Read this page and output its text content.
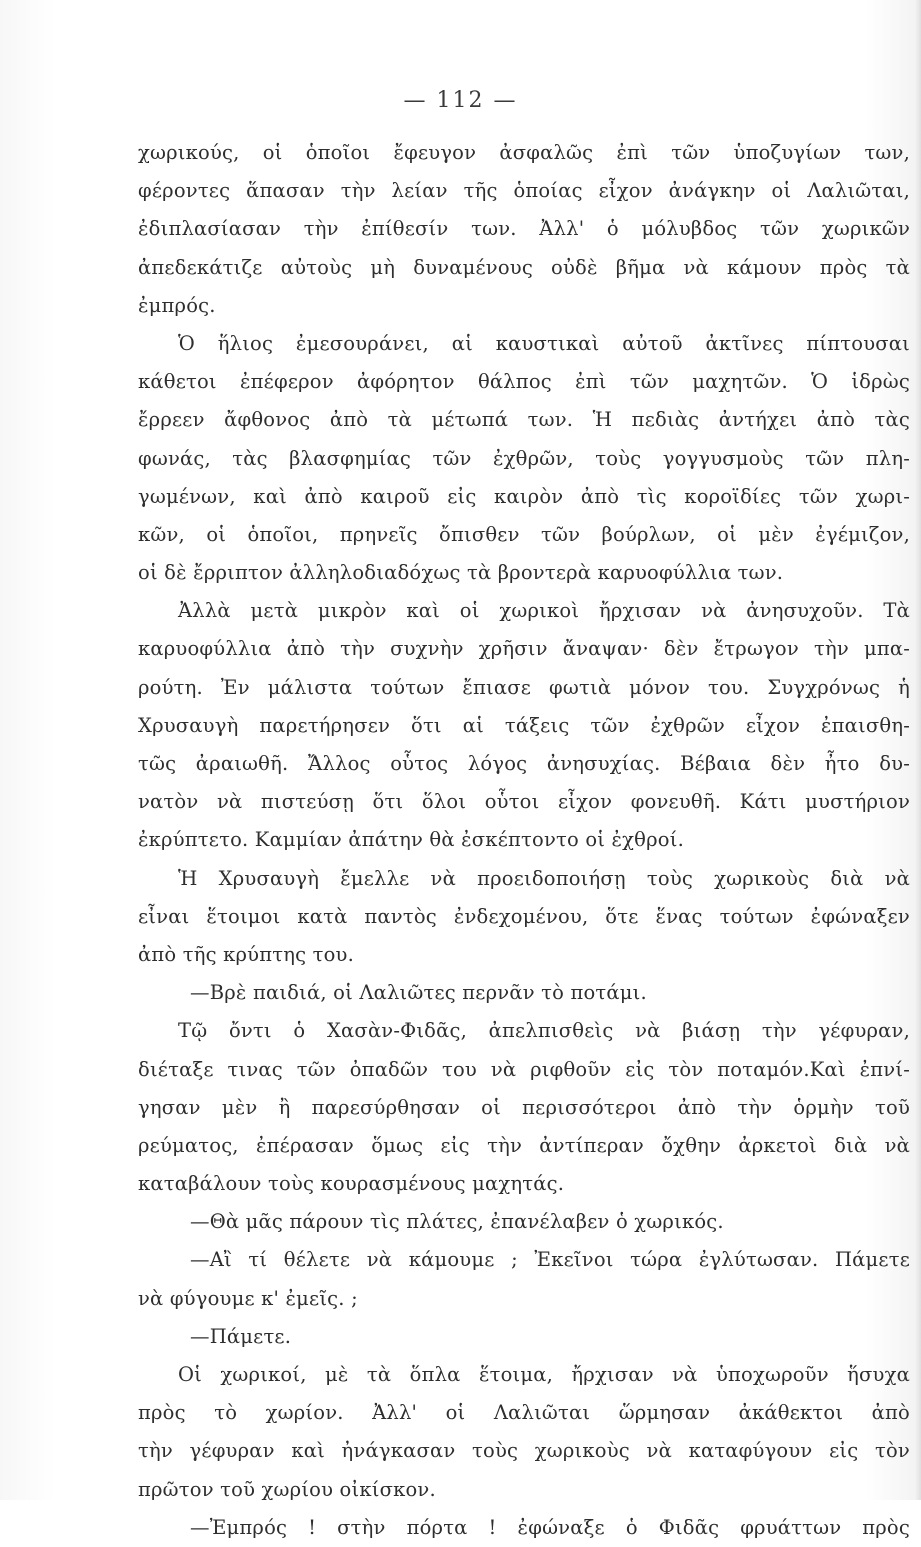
— 112 —
χωρικούς, οἱ ὁποῖοι ἔφευγον ἀσφαλῶς ἐπὶ τῶν ὑποζυγίων των,
φέροντες ἅπασαν τὴν λείαν τῆς ὁποίας εἶχον ἀνάγκην οἱ Λαλιῶται,
ἐδιπλασίασαν τὴν ἐπίθεσίν των. Ἀλλ' ὁ μόλυβδος τῶν χωρικῶν
ἀπεδεκάτιζε αὐτοὺς μὴ δυναμένους οὐδὲ βῆμα νὰ κάμουν πρὸς τὰ
ἐμπρός.
Ὁ ἥλιος ἐμεσουράνει, αἱ καυστικαὶ αὐτοῦ ἀκτῖνες πίπτουσαι
κάθετοι ἐπέφερον ἀφόρητον θάλπος ἐπὶ τῶν μαχητῶν. Ὁ ἱδρὼς
ἔρρεεν ἄφθονος ἀπὸ τὰ μέτωπά των. Ἡ πεδιὰς ἀντήχει ἀπὸ τὰς
φωνάς, τὰς βλασφημίας τῶν ἐχθρῶν, τοὺς γογγυσμοὺς τῶν πλη-
γωμένων, καὶ ἀπὸ καιροῦ εἰς καιρὸν ἀπὸ τὶς κοροϊδίες τῶν χωρι-
κῶν, οἱ ὁποῖοι, πρηνεῖς ὄπισθεν τῶν βούρλων, οἱ μὲν ἐγέμιζον,
οἱ δὲ ἔρριπτον ἀλληλοδιαδόχως τὰ βροντερὰ καρυοφύλλια των.
Ἀλλὰ μετὰ μικρὸν καὶ οἱ χωρικοὶ ἤρχισαν νὰ ἀνησυχοῦν. Τὰ
καρυοφύλλια ἀπὸ τὴν συχνὴν χρῆσιν ἄναψαν· δὲν ἔτρωγον τὴν μπα-
ρούτη. Ἐν μάλιστα τούτων ἔπιασε φωτιὰ μόνον του. Συγχρόνως ἡ
Χρυσαυγὴ παρετήρησεν ὅτι αἱ τάξεις τῶν ἐχθρῶν εἶχον ἐπαισθη-
τῶς ἀραιωθῆ. Ἄλλος οὗτος λόγος ἀνησυχίας. Βέβαια δὲν ἦτο δυ-
νατὸν νὰ πιστεύσῃ ὅτι ὅλοι οὗτοι εἶχον φονευθῆ. Κάτι μυστήριον
ἐκρύπτετο. Καμμίαν ἀπάτην θὰ ἐσκέπτοντο οἱ ἐχθροί.
Ἡ Χρυσαυγὴ ἔμελλε νὰ προειδοποιήσῃ τοὺς χωρικοὺς διὰ νὰ
εἶναι ἕτοιμοι κατὰ παντὸς ἐνδεχομένου, ὅτε ἕνας τούτων ἐφώναξεν
ἀπὸ τῆς κρύπτης του.
—Βρὲ παιδιά, οἱ Λαλιῶτες περνᾶν τὸ ποτάμι.
Τῷ ὄντι ὁ Χασὰν-Φιδᾶς, ἀπελπισθεὶς νὰ βιάσῃ τὴν γέφυραν,
διέταξε τινας τῶν ὀπαδῶν του νὰ ριφθοῦν εἰς τὸν ποταμόν.Καὶ ἐπνί-
γησαν μὲν ἢ παρεσύρθησαν οἱ περισσότεροι ἀπὸ τὴν ὁρμὴν τοῦ
ρεύματος, ἐπέρασαν ὅμως εἰς τὴν ἀντίπεραν ὄχθην ἀρκετοὶ διὰ νὰ
καταβάλουν τοὺς κουρασμένους μαχητάς.
—Θὰ μᾶς πάρουν τὶς πλάτες, ἐπανέλαβεν ὁ χωρικός.
—Αἲ τί θέλετε νὰ κάμουμε ; Ἐκεῖνοι τώρα ἐγλύτωσαν. Πάμετε
νὰ φύγουμε κ' ἐμεῖς. ;
—Πάμετε.
Οἱ χωρικοί, μὲ τὰ ὅπλα ἕτοιμα, ἤρχισαν νὰ ὑποχωροῦν ἥσυχα
πρὸς τὸ χωρίον. Ἀλλ' οἱ Λαλιῶται ὥρμησαν ἀκάθεκτοι ἀπὸ
τὴν γέφυραν καὶ ἠνάγκασαν τοὺς χωρικοὺς νὰ καταφύγουν εἰς τὸν
πρῶτον τοῦ χωρίου οἰκίσκον.
—Ἐμπρός ! στὴν πόρτα ! ἐφώναξε ὁ Φιδᾶς φρυάττων πρὸς
